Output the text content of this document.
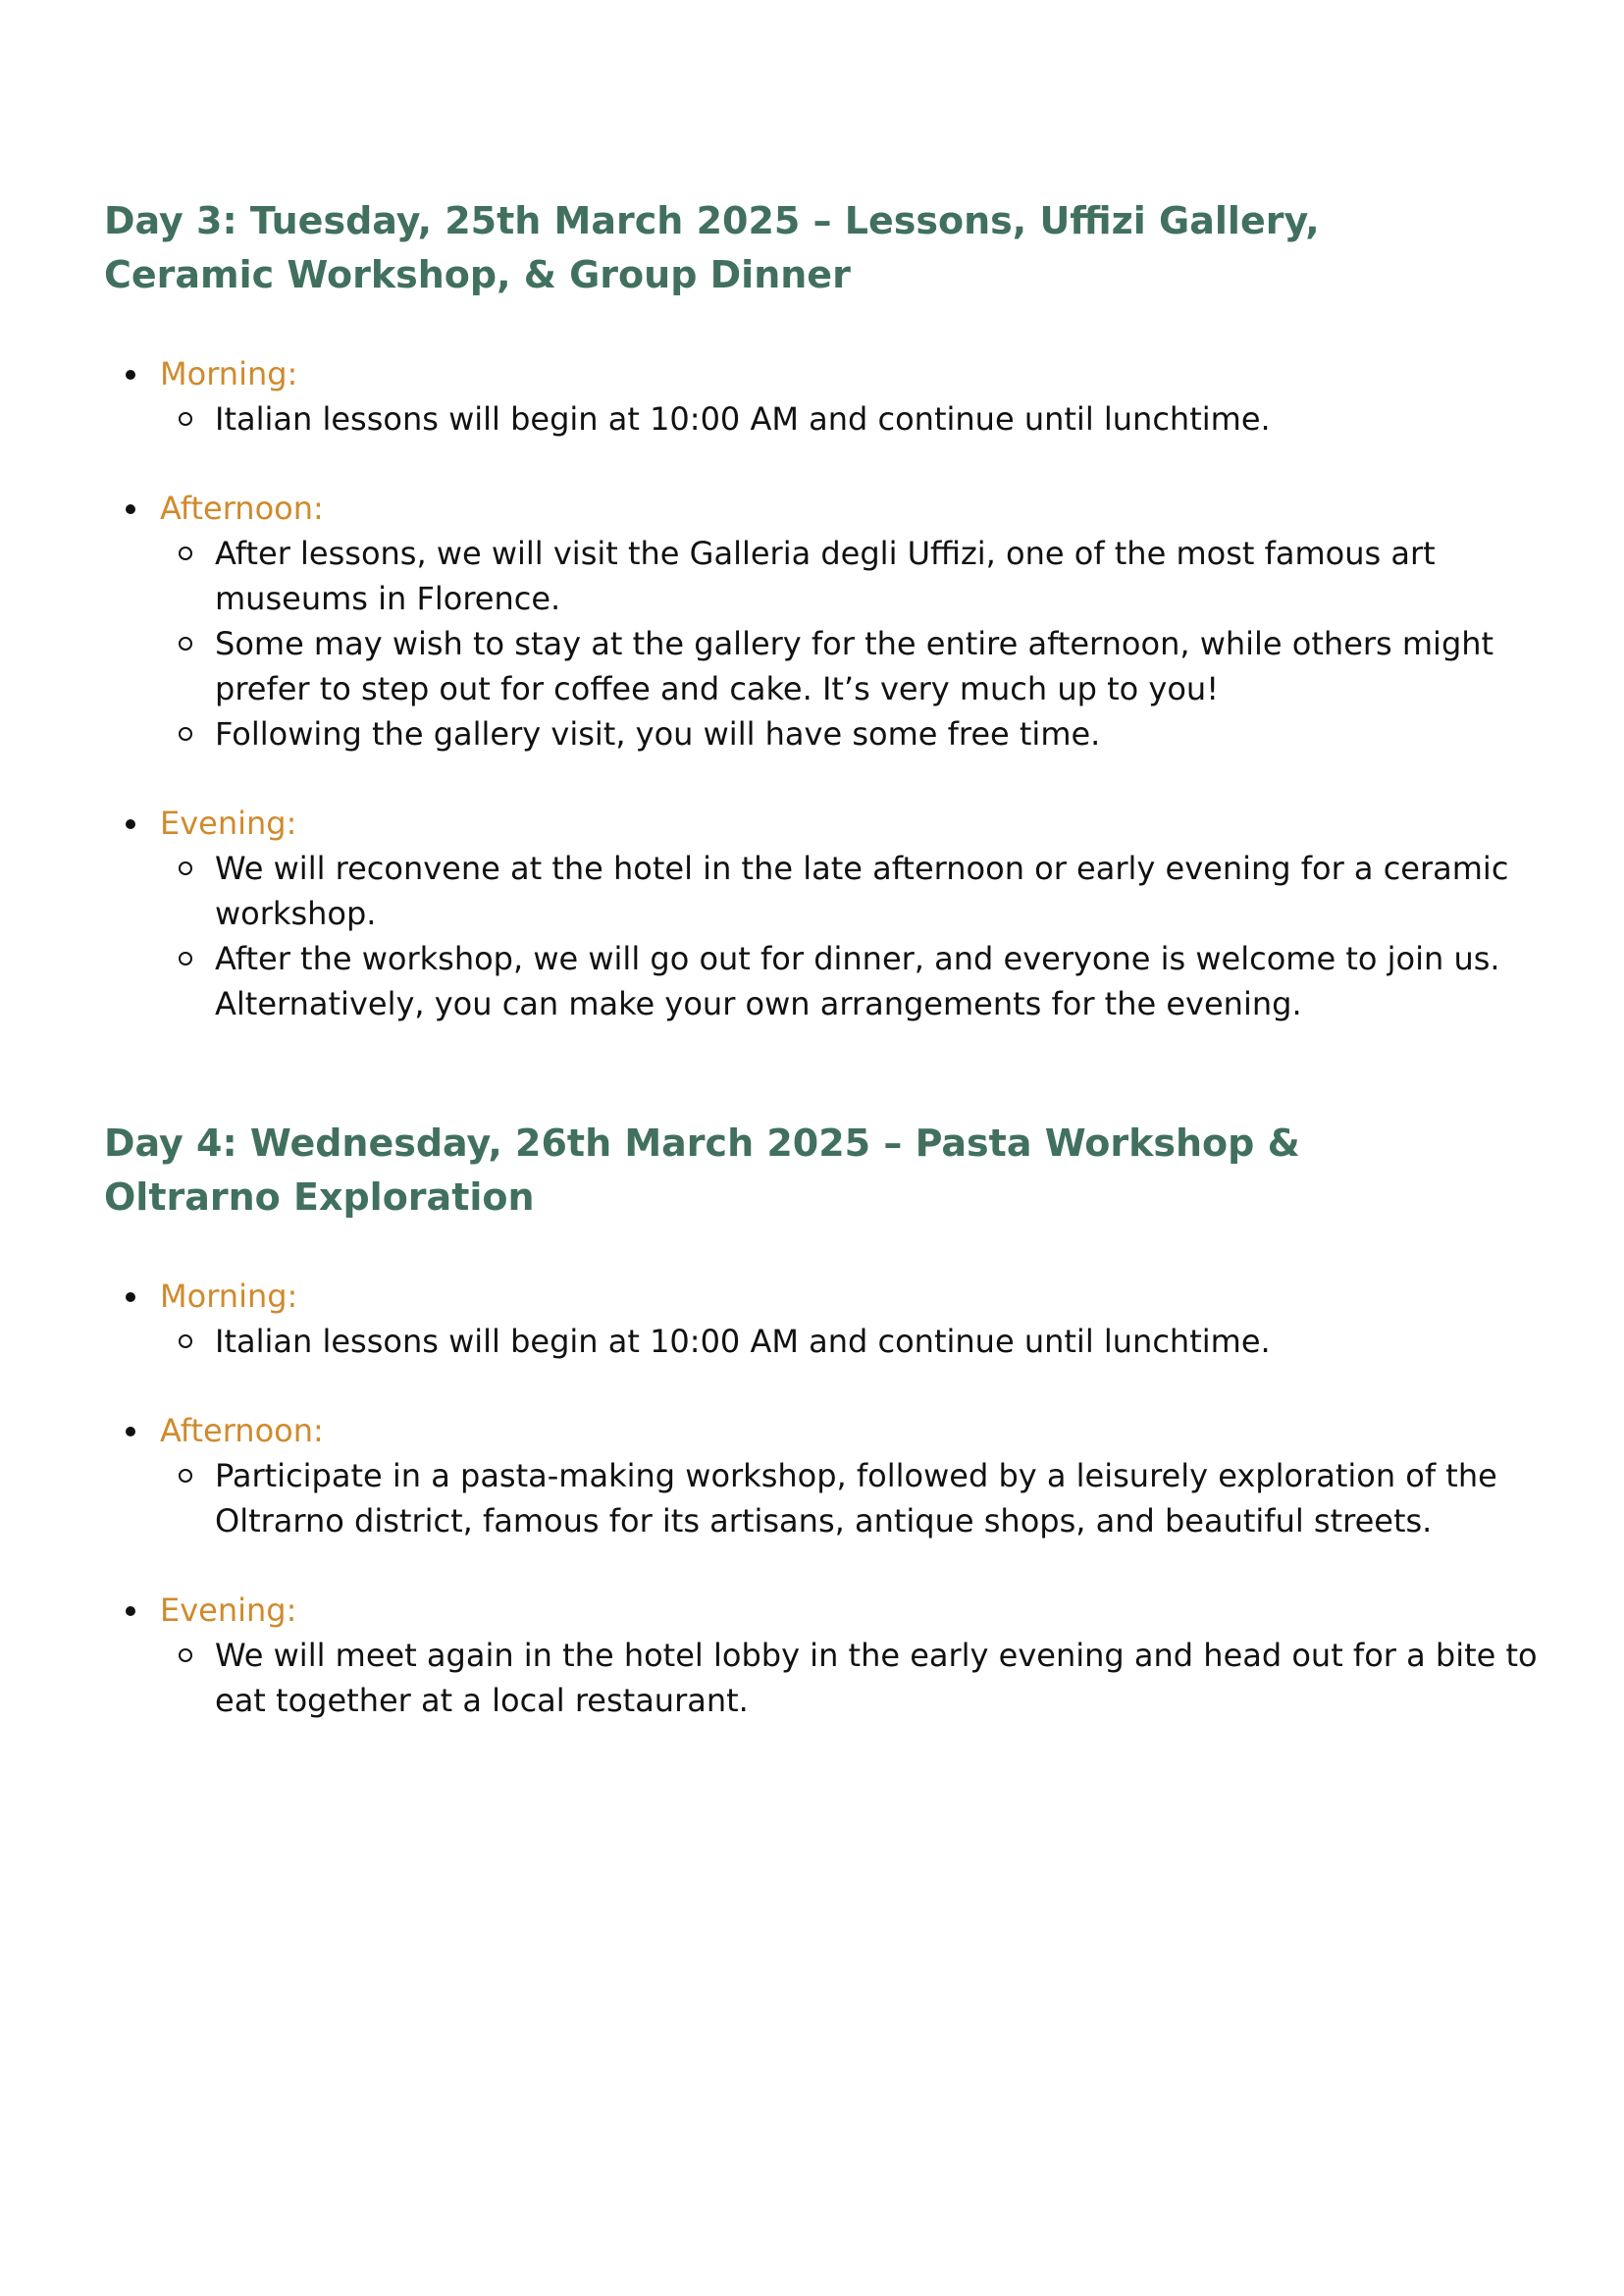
Day 3: Tuesday, 25th March 2025 – Lessons, Uffizi Gallery, Ceramic Workshop, & Group Dinner
Morning:
Italian lessons will begin at 10:00 AM and continue until lunchtime.
Afternoon:
After lessons, we will visit the Galleria degli Uffizi, one of the most famous art museums in Florence.
Some may wish to stay at the gallery for the entire afternoon, while others might prefer to step out for coffee and cake. It’s very much up to you!
Following the gallery visit, you will have some free time.
Evening:
We will reconvene at the hotel in the late afternoon or early evening for a ceramic workshop.
After the workshop, we will go out for dinner, and everyone is welcome to join us. Alternatively, you can make your own arrangements for the evening.
Day 4: Wednesday, 26th March 2025 – Pasta Workshop & Oltrarno Exploration
Morning:
Italian lessons will begin at 10:00 AM and continue until lunchtime.
Afternoon:
Participate in a pasta-making workshop, followed by a leisurely exploration of the Oltrarno district, famous for its artisans, antique shops, and beautiful streets.
Evening:
We will meet again in the hotel lobby in the early evening and head out for a bite to eat together at a local restaurant.
